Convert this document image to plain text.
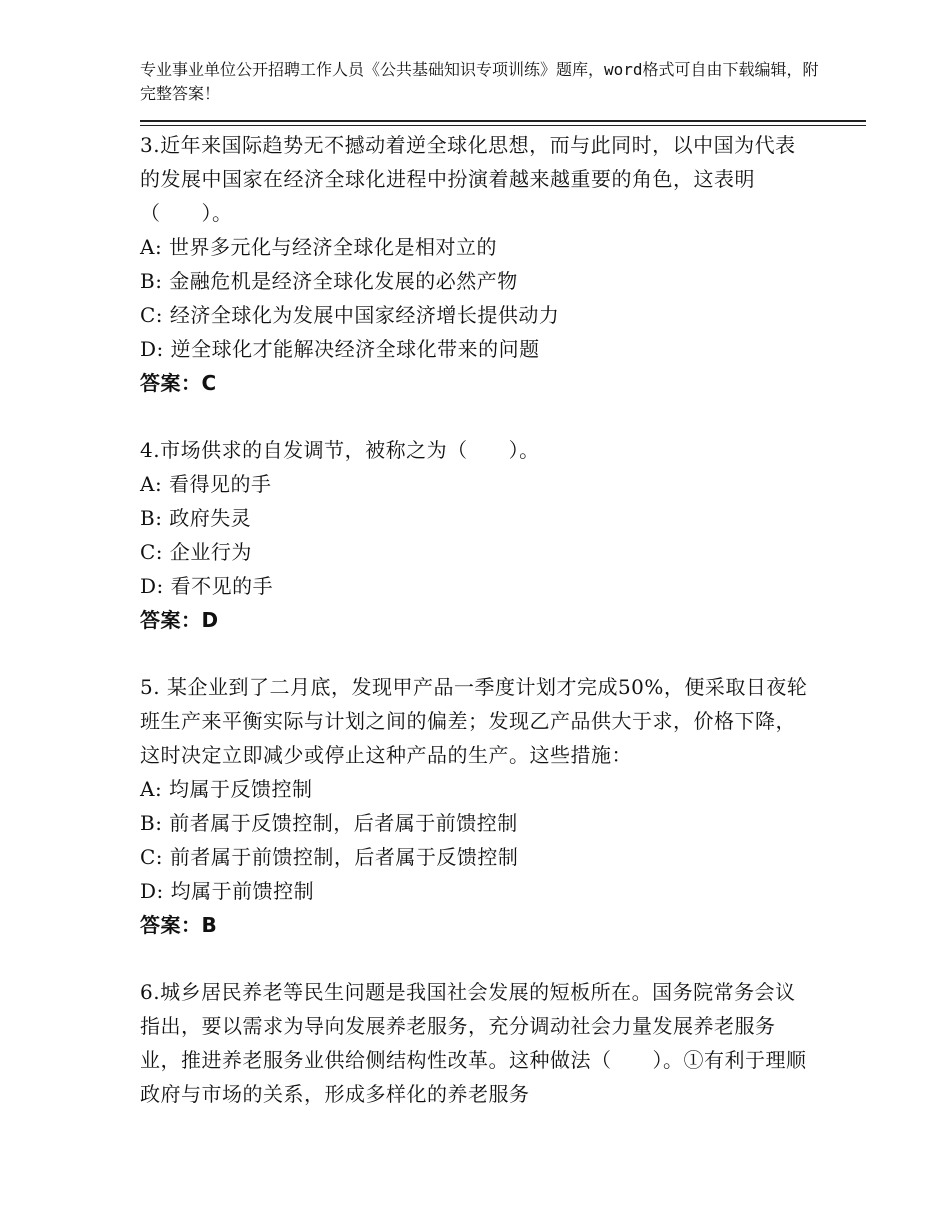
专业事业单位公开招聘工作人员《公共基础知识专项训练》题库，word格式可自由下载编辑，附完整答案！
3.近年来国际趋势无不撼动着逆全球化思想，而与此同时，以中国为代表的发展中国家在经济全球化进程中扮演着越来越重要的角色，这表明（　　）。
A: 世界多元化与经济全球化是相对立的
B: 金融危机是经济全球化发展的必然产物
C: 经济全球化为发展中国家经济增长提供动力
D: 逆全球化才能解决经济全球化带来的问题
答案：C
4.市场供求的自发调节，被称之为（　　）。
A: 看得见的手
B: 政府失灵
C: 企业行为
D: 看不见的手
答案：D
5. 某企业到了二月底，发现甲产品一季度计划才完成50%，便采取日夜轮班生产来平衡实际与计划之间的偏差；发现乙产品供大于求，价格下降，这时决定立即减少或停止这种产品的生产。这些措施：
A: 均属于反馈控制
B: 前者属于反馈控制，后者属于前馈控制
C: 前者属于前馈控制，后者属于反馈控制
D: 均属于前馈控制
答案：B
6.城乡居民养老等民生问题是我国社会发展的短板所在。国务院常务会议指出，要以需求为导向发展养老服务，充分调动社会力量发展养老服务业，推进养老服务业供给侧结构性改革。这种做法（　　）。①有利于理顺政府与市场的关系，形成多样化的养老服务
